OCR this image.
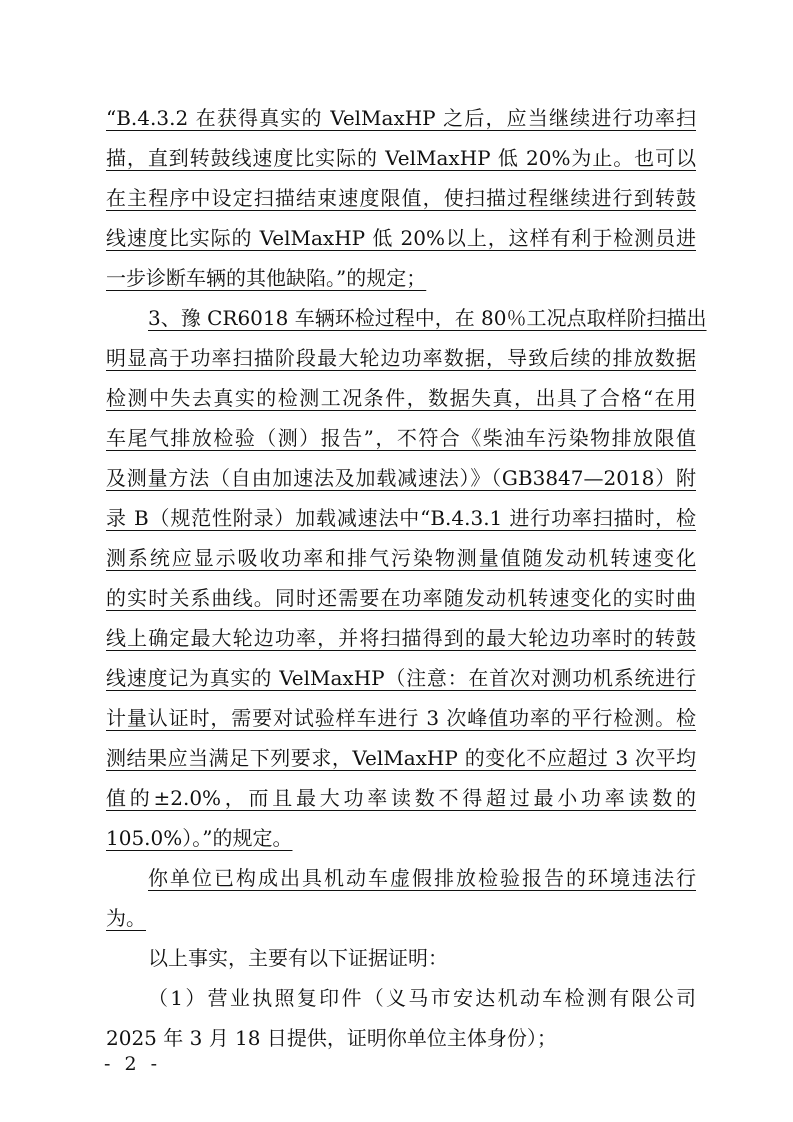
“B.4.3.2 在获得真实的 VelMaxHP 之后，应当继续进行功率扫
描，直到转鼓线速度比实际的 VelMaxHP 低 20%为止。也可以
在主程序中设定扫描结束速度限值，使扫描过程继续进行到转鼓
线速度比实际的 VelMaxHP 低 20%以上，这样有利于检测员进
一步诊断车辆的其他缺陷。”的规定；
3、豫 CR6018 车辆环检过程中，在 80％工况点取样阶扫描出
明显高于功率扫描阶段最大轮边功率数据，导致后续的排放数据
检测中失去真实的检测工况条件，数据失真，出具了合格“在用
车尾气排放检验（测）报告”，不符合《柴油车污染物排放限值
及测量方法（自由加速法及加载减速法）》（GB3847—2018）附
录 B（规范性附录）加载减速法中“B.4.3.1 进行功率扫描时，检
测系统应显示吸收功率和排气污染物测量值随发动机转速变化
的实时关系曲线。同时还需要在功率随发动机转速变化的实时曲
线上确定最大轮边功率，并将扫描得到的最大轮边功率时的转鼓
线速度记为真实的 VelMaxHP（注意：在首次对测功机系统进行
计量认证时，需要对试验样车进行 3 次峰值功率的平行检测。检
测结果应当满足下列要求，VelMaxHP 的变化不应超过 3 次平均
值的±2.0%，而且最大功率读数不得超过最小功率读数的
105.0%）。”的规定。
你单位已构成出具机动车虚假排放检验报告的环境违法行
为。
以上事实，主要有以下证据证明：
（1）营业执照复印件（义马市安达机动车检测有限公司
2025 年 3 月 18 日提供，证明你单位主体身份）；
- 2 -
